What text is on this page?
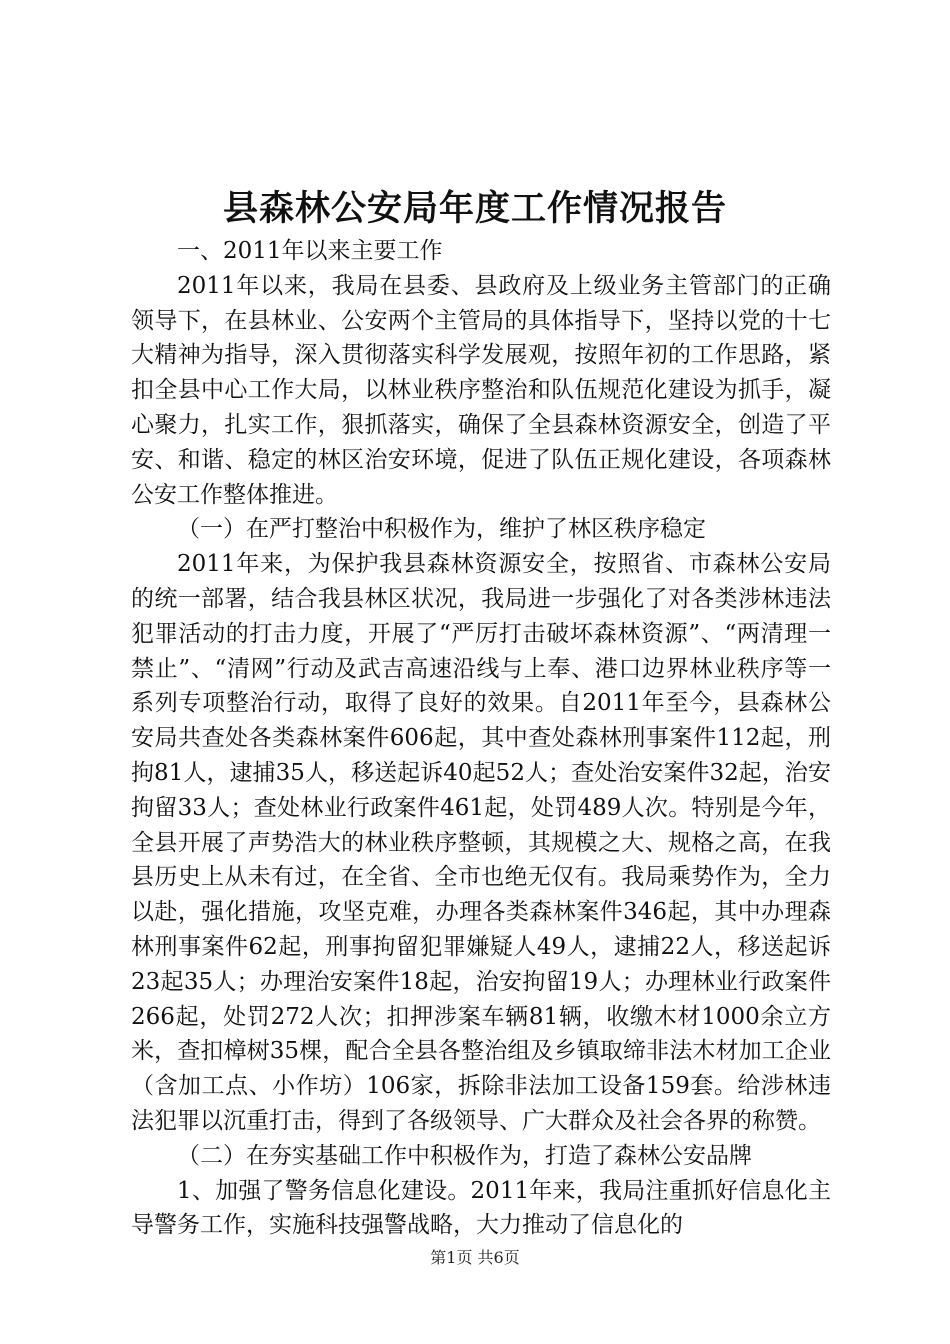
县森林公安局年度工作情况报告

一、2011年以来主要工作

2011年以来，我局在县委、县政府及上级业务主管部门的正确领导下，在县林业、公安两个主管局的具体指导下，坚持以党的十七大精神为指导，深入贯彻落实科学发展观，按照年初的工作思路，紧扣全县中心工作大局，以林业秩序整治和队伍规范化建设为抓手，凝心聚力，扎实工作，狠抓落实，确保了全县森林资源安全，创造了平安、和谐、稳定的林区治安环境，促进了队伍正规化建设，各项森林公安工作整体推进。

（一）在严打整治中积极作为，维护了林区秩序稳定

2011年来，为保护我县森林资源安全，按照省、市森林公安局的统一部署，结合我县林区状况，我局进一步强化了对各类涉林违法犯罪活动的打击力度，开展了“严厉打击破坏森林资源”、“两清理一禁止”、“清网”行动及武吉高速沿线与上奉、港口边界林业秩序等一系列专项整治行动，取得了良好的效果。自2011年至今，县森林公安局共查处各类森林案件606起，其中查处森林刑事案件112起，刑拘81人，逮捕35人，移送起诉40起52人；查处治安案件32起，治安拘留33人；查处林业行政案件461起，处罚489人次。特别是今年，全县开展了声势浩大的林业秩序整顿，其规模之大、规格之高，在我县历史上从未有过，在全省、全市也绝无仅有。我局乘势作为，全力以赴，强化措施，攻坚克难，办理各类森林案件346起，其中办理森林刑事案件62起，刑事拘留犯罪嫌疑人49人，逮捕22人，移送起诉23起35人；办理治安案件18起，治安拘留19人；办理林业行政案件266起，处罚272人次；扣押涉案车辆81辆，收缴木材1000余立方米，查扣樟树35棵，配合全县各整治组及乡镇取缔非法木材加工企业（含加工点、小作坊）106家，拆除非法加工设备159套。给涉林违法犯罪以沉重打击，得到了各级领导、广大群众及社会各界的称赞。

（二）在夯实基础工作中积极作为，打造了森林公安品牌

1、加强了警务信息化建设。2011年来，我局注重抓好信息化主导警务工作，实施科技强警战略，大力推动了信息化的

第1页 共6页
